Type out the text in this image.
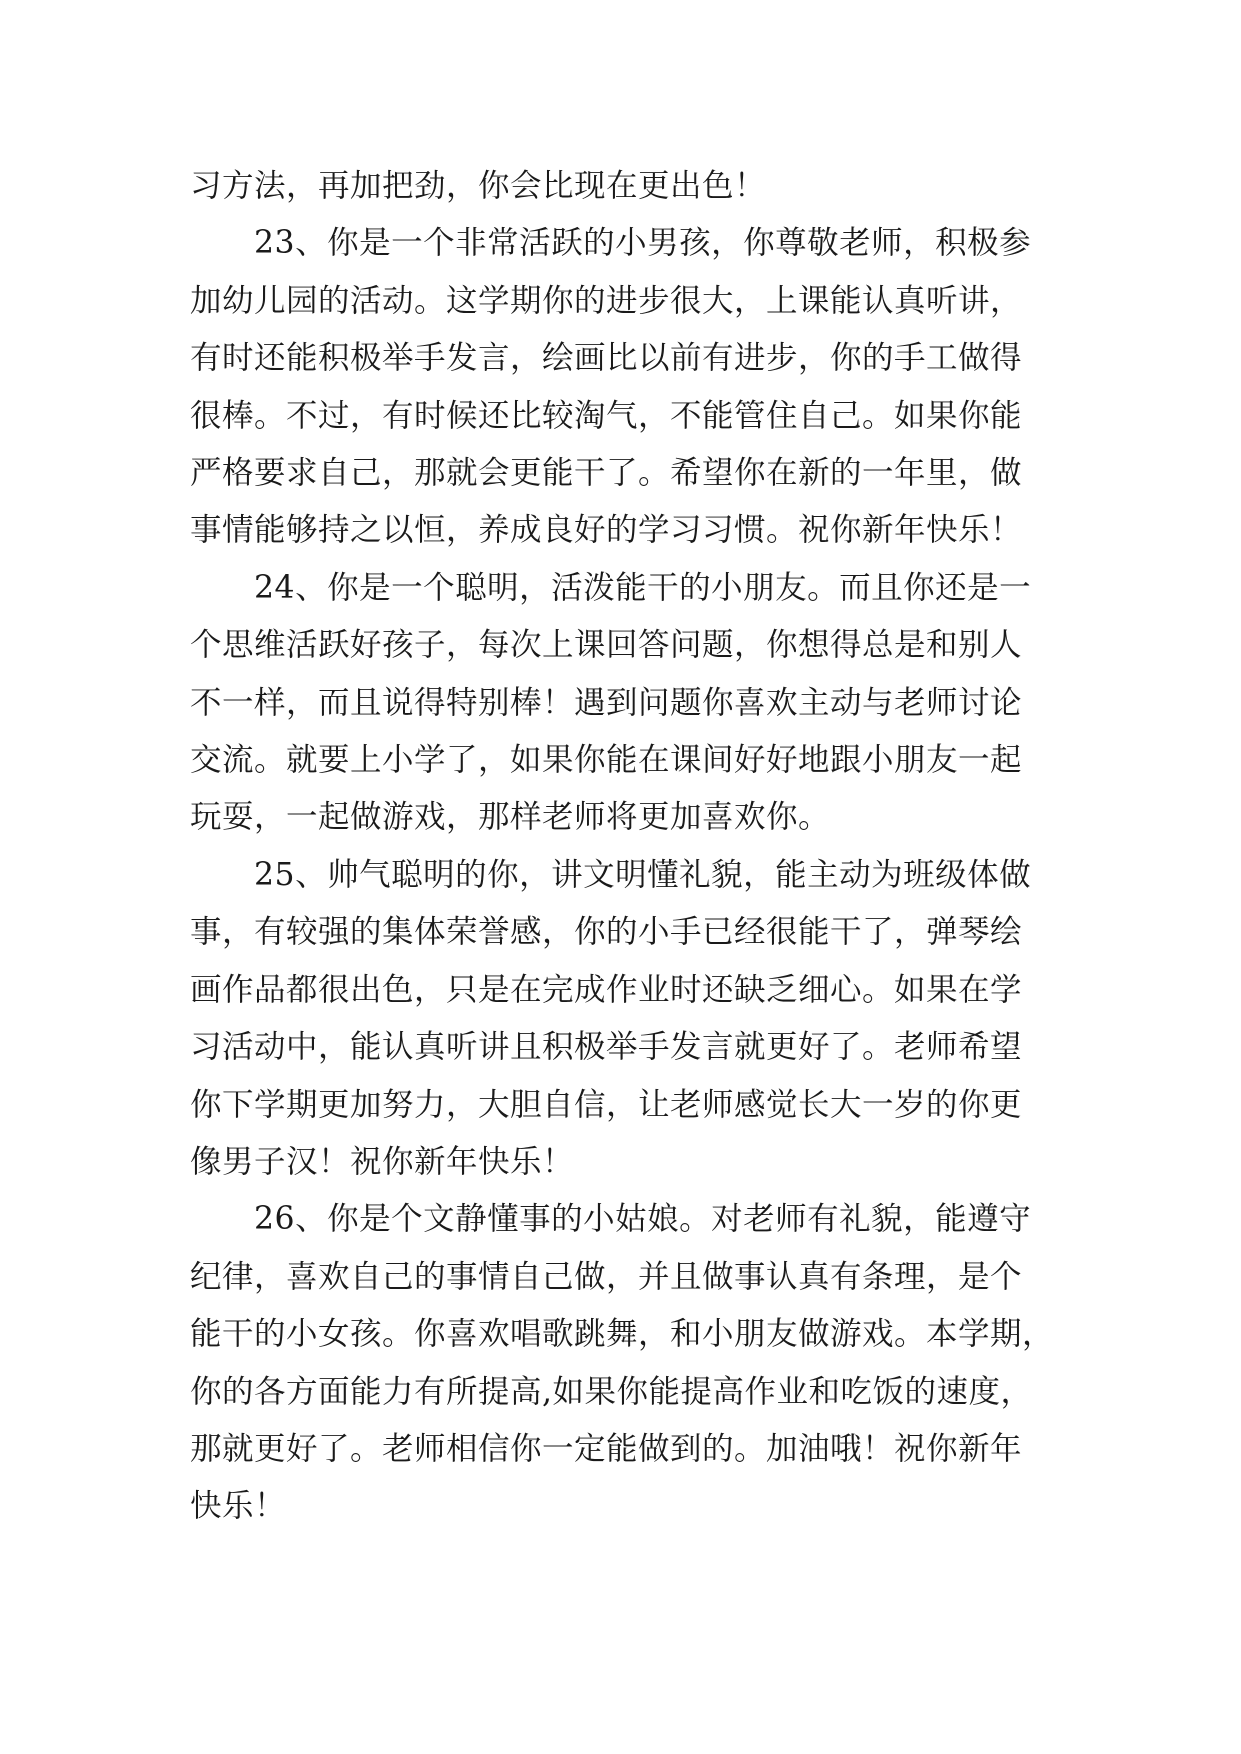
习方法，再加把劲，你会比现在更出色！

23、你是一个非常活跃的小男孩，你尊敬老师，积极参
加幼儿园的活动。这学期你的进步很大，上课能认真听讲，
有时还能积极举手发言，绘画比以前有进步，你的手工做得
很棒。不过，有时候还比较淘气，不能管住自己。如果你能
严格要求自己，那就会更能干了。希望你在新的一年里，做
事情能够持之以恒，养成良好的学习习惯。祝你新年快乐！

24、你是一个聪明，活泼能干的小朋友。而且你还是一
个思维活跃好孩子，每次上课回答问题，你想得总是和别人
不一样，而且说得特别棒！遇到问题你喜欢主动与老师讨论
交流。就要上小学了，如果你能在课间好好地跟小朋友一起
玩耍，一起做游戏，那样老师将更加喜欢你。

25、帅气聪明的你，讲文明懂礼貌，能主动为班级体做
事，有较强的集体荣誉感，你的小手已经很能干了，弹琴绘
画作品都很出色，只是在完成作业时还缺乏细心。如果在学
习活动中，能认真听讲且积极举手发言就更好了。老师希望
你下学期更加努力，大胆自信，让老师感觉长大一岁的你更
像男子汉！祝你新年快乐！

26、你是个文静懂事的小姑娘。对老师有礼貌，能遵守
纪律，喜欢自己的事情自己做，并且做事认真有条理，是个
能干的小女孩。你喜欢唱歌跳舞，和小朋友做游戏。本学期，
你的各方面能力有所提高,如果你能提高作业和吃饭的速度，
那就更好了。老师相信你一定能做到的。加油哦！祝你新年
快乐！
